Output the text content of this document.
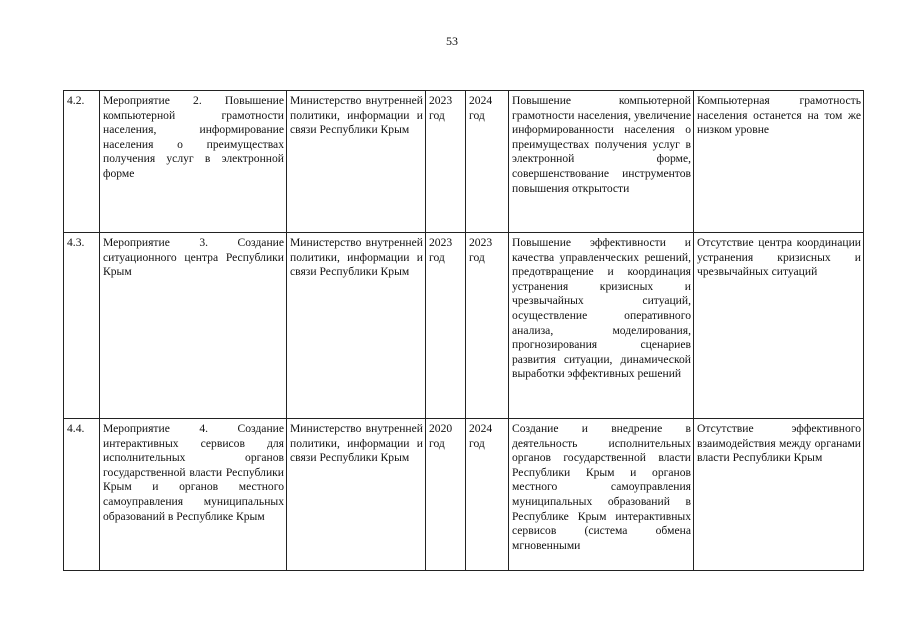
53
4.2.	Мероприятие 2. Повышение компьютерной грамотности населения, информирование населения о преимуществах получения услуг в электронной форме	Министерство внутренней политики, информации и связи Республики Крым	2023 год	2024 год	Повышение компьютерной грамотности населения, увеличение информированности населения о преимуществах получения услуг в электронной форме, совершенствование инструментов повышения открытости	Компьютерная грамотность населения останется на том же низком уровне
4.3.	Мероприятие 3. Создание ситуационного центра Республики Крым	Министерство внутренней политики, информации и связи Республики Крым	2023 год	2023 год	Повышение эффективности и качества управленческих решений, предотвращение и координация устранения кризисных и чрезвычайных ситуаций, осуществление оперативного анализа, моделирования, прогнозирования сценариев развития ситуации, динамической выработки эффективных решений	Отсутствие центра координации устранения кризисных и чрезвычайных ситуаций
4.4.	Мероприятие 4. Создание интерактивных сервисов для исполнительных органов государственной власти Республики Крым и органов местного самоуправления муниципальных образований в Республике Крым	Министерство внутренней политики, информации и связи Республики Крым	2020 год	2024 год	Создание и внедрение в деятельность исполнительных органов государственной власти Республики Крым и органов местного самоуправления муниципальных образований в Республике Крым интерактивных сервисов (система обмена мгновенными	Отсутствие эффективного взаимодействия между органами власти Республики Крым
